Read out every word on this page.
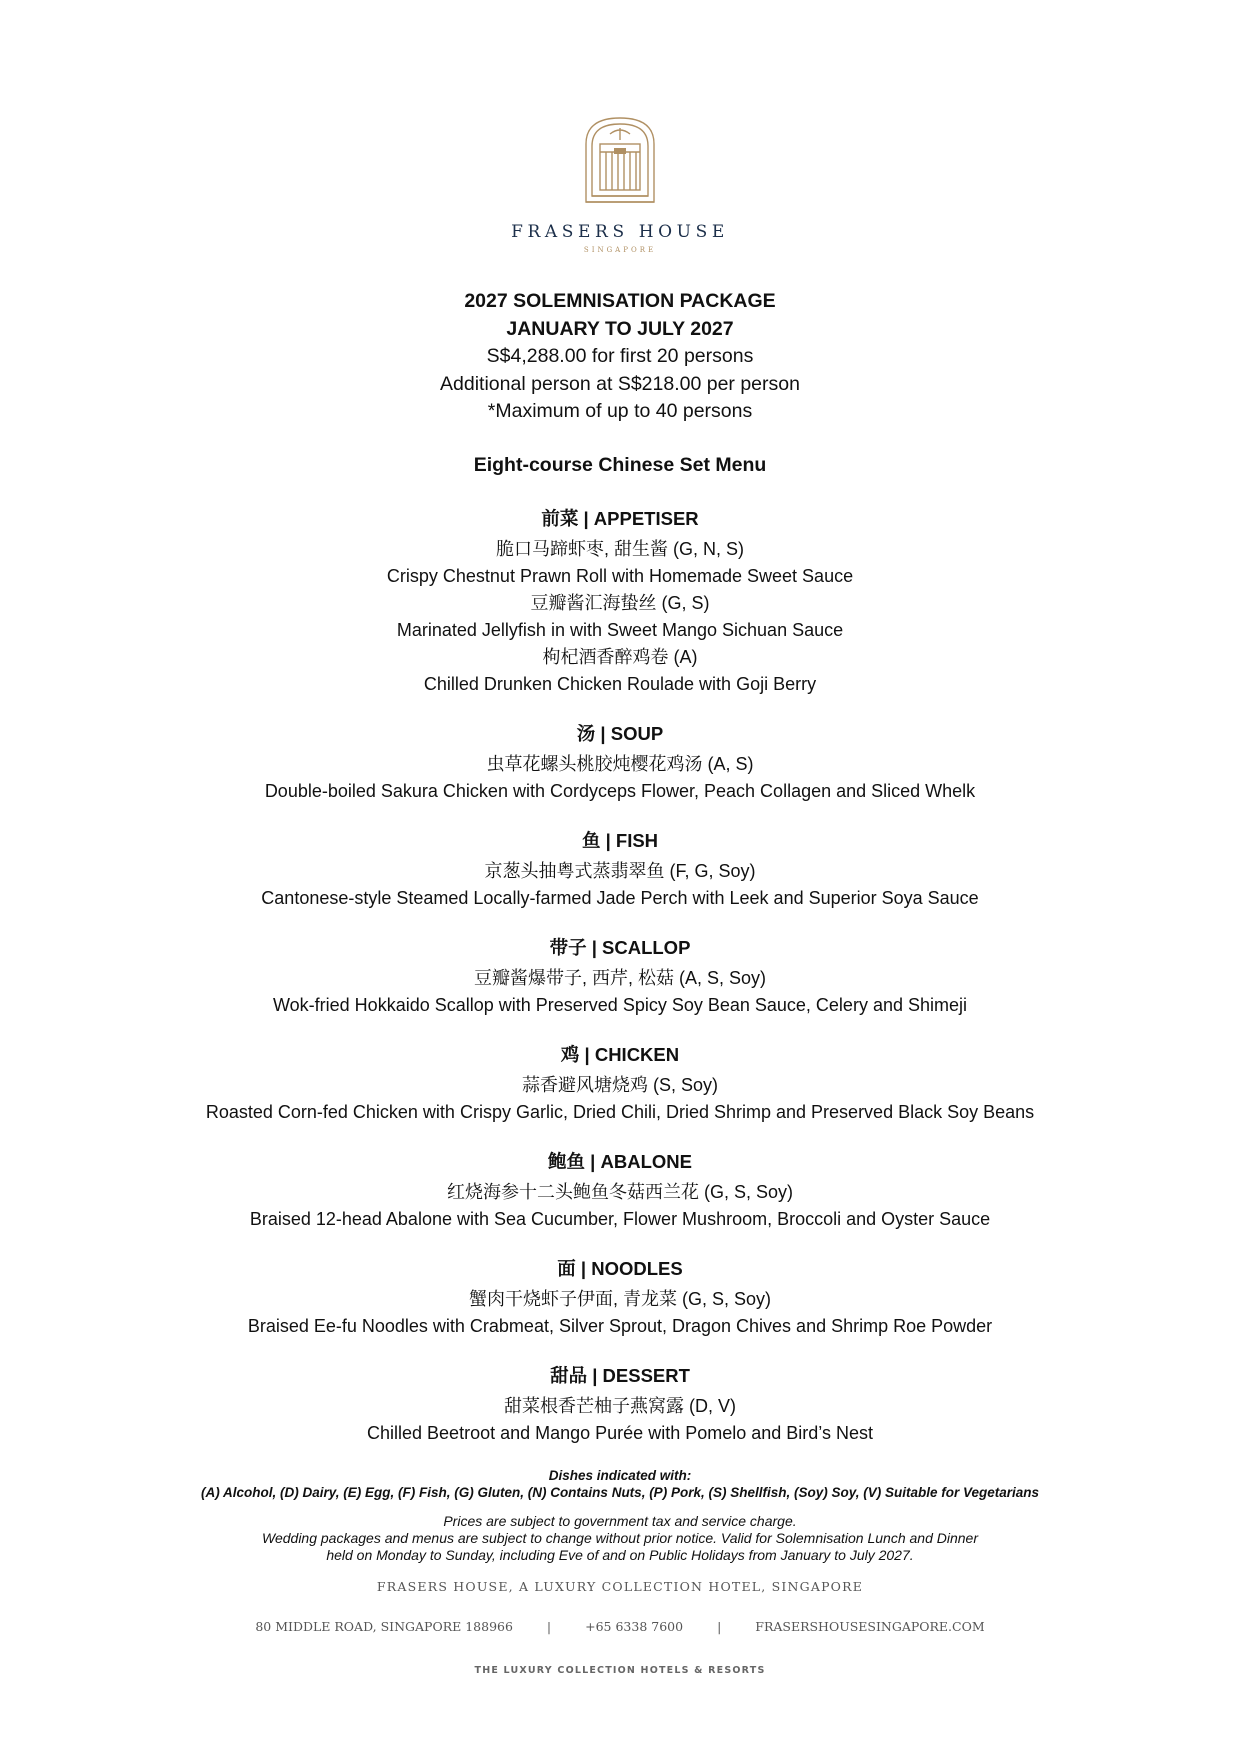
FRASERS HOUSE
SINGAPORE
2027 SOLEMNISATION PACKAGE
JANUARY TO JULY 2027
S$4,288.00 for first 20 persons
Additional person at S$218.00 per person
*Maximum of up to 40 persons
Eight-course Chinese Set Menu
前菜 | APPETISER
脆口马蹄虾枣, 甜生酱 (G, N, S)
Crispy Chestnut Prawn Roll with Homemade Sweet Sauce
豆瓣酱汇海蛰丝 (G, S)
Marinated Jellyfish in with Sweet Mango Sichuan Sauce
枸杞酒香醉鸡卷 (A)
Chilled Drunken Chicken Roulade with Goji Berry
汤 | SOUP
虫草花螺头桃胶炖樱花鸡汤 (A, S)
Double-boiled Sakura Chicken with Cordyceps Flower, Peach Collagen and Sliced Whelk
鱼 | FISH
京葱头抽粤式蒸翡翠鱼 (F, G, Soy)
Cantonese-style Steamed Locally-farmed Jade Perch with Leek and Superior Soya Sauce
带子 | SCALLOP
豆瓣酱爆带子, 西芹, 松菇 (A, S, Soy)
Wok-fried Hokkaido Scallop with Preserved Spicy Soy Bean Sauce, Celery and Shimeji
鸡 | CHICKEN
蒜香避风塘烧鸡 (S, Soy)
Roasted Corn-fed Chicken with Crispy Garlic, Dried Chili, Dried Shrimp and Preserved Black Soy Beans
鲍鱼 | ABALONE
红烧海参十二头鲍鱼冬菇西兰花 (G, S, Soy)
Braised 12-head Abalone with Sea Cucumber, Flower Mushroom, Broccoli and Oyster Sauce
面 | NOODLES
蟹肉干烧虾子伊面, 青龙菜 (G, S, Soy)
Braised Ee-fu Noodles with Crabmeat, Silver Sprout, Dragon Chives and Shrimp Roe Powder
甜品 | DESSERT
甜菜根香芒柚子燕窝露 (D, V)
Chilled Beetroot and Mango Purée with Pomelo and Bird’s Nest
Dishes indicated with:
(A) Alcohol, (D) Dairy, (E) Egg, (F) Fish, (G) Gluten, (N) Contains Nuts, (P) Pork, (S) Shellfish, (Soy) Soy, (V) Suitable for Vegetarians
Prices are subject to government tax and service charge.
Wedding packages and menus are subject to change without prior notice. Valid for Solemnisation Lunch and Dinner
held on Monday to Sunday, including Eve of and on Public Holidays from January to July 2027.
FRASERS HOUSE, A LUXURY COLLECTION HOTEL, SINGAPORE
80 MIDDLE ROAD, SINGAPORE 188966	|	+65 6338 7600	|	FRASERSHOUSESINGAPORE.COM
THE LUXURY COLLECTION HOTELS & RESORTS
